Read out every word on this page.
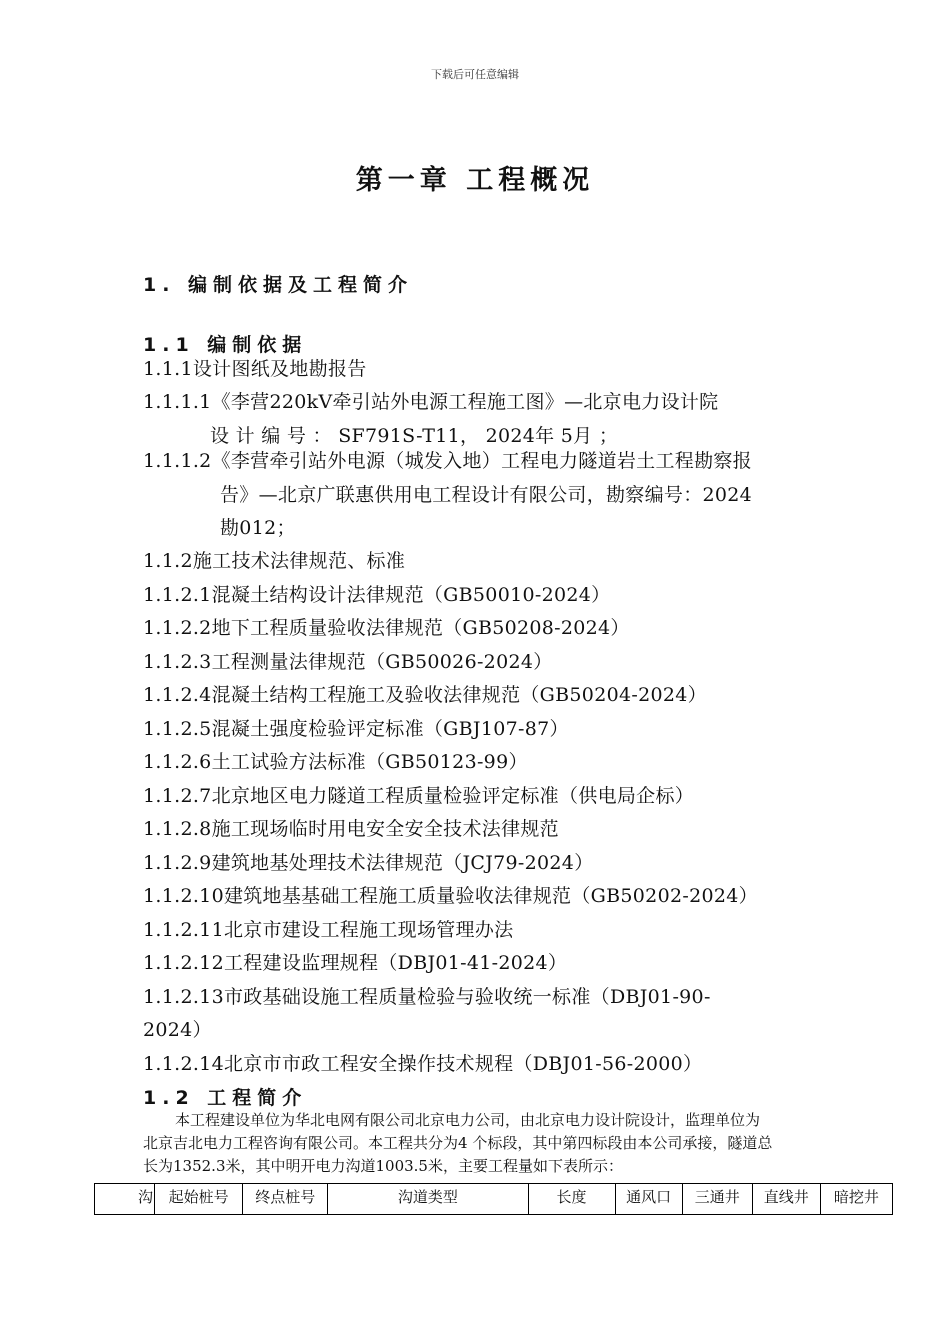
下载后可任意编辑
第一章 工程概况
1. 编制依据及工程简介
1.1 编制依据
1.1.1设计图纸及地勘报告
1.1.1.1《李营220kV牵引站外电源工程施工图》—北京电力设计院
设 计 编 号 ： SF791S-T11， 2024年 5月 ；
1.1.1.2《李营牵引站外电源（城发入地）工程电力隧道岩土工程勘察报
告》—北京广联惠供用电工程设计有限公司，勘察编号：2024
勘012；
1.1.2施工技术法律规范、标准
1.1.2.1混凝土结构设计法律规范（GB50010-2024）
1.1.2.2地下工程质量验收法律规范（GB50208-2024）
1.1.2.3工程测量法律规范（GB50026-2024）
1.1.2.4混凝土结构工程施工及验收法律规范（GB50204-2024）
1.1.2.5混凝土强度检验评定标准（GBJ107-87）
1.1.2.6土工试验方法标准（GB50123-99）
1.1.2.7北京地区电力隧道工程质量检验评定标准（供电局企标）
1.1.2.8施工现场临时用电安全安全技术法律规范
1.1.2.9建筑地基处理技术法律规范（JCJ79-2024）
1.1.2.10建筑地基基础工程施工质量验收法律规范（GB50202-2024）
1.1.2.11北京市建设工程施工现场管理办法
1.1.2.12工程建设监理规程（DBJ01-41-2024）
1.1.2.13市政基础设施工程质量检验与验收统一标准（DBJ01-90-
2024）
1.1.2.14北京市市政工程安全操作技术规程（DBJ01-56-2000）
1.2 工程简介
本工程建设单位为华北电网有限公司北京电力公司，由北京电力设计院设计，监理单位为
北京吉北电力工程咨询有限公司。本工程共分为4 个标段，其中第四标段由本公司承接，隧道总
长为1352.3米，其中明开电力沟道1003.5米，主要工程量如下表所示：
沟	起始桩号	终点桩号	沟道类型	长度	通风口	三通井	直线井	暗挖井
